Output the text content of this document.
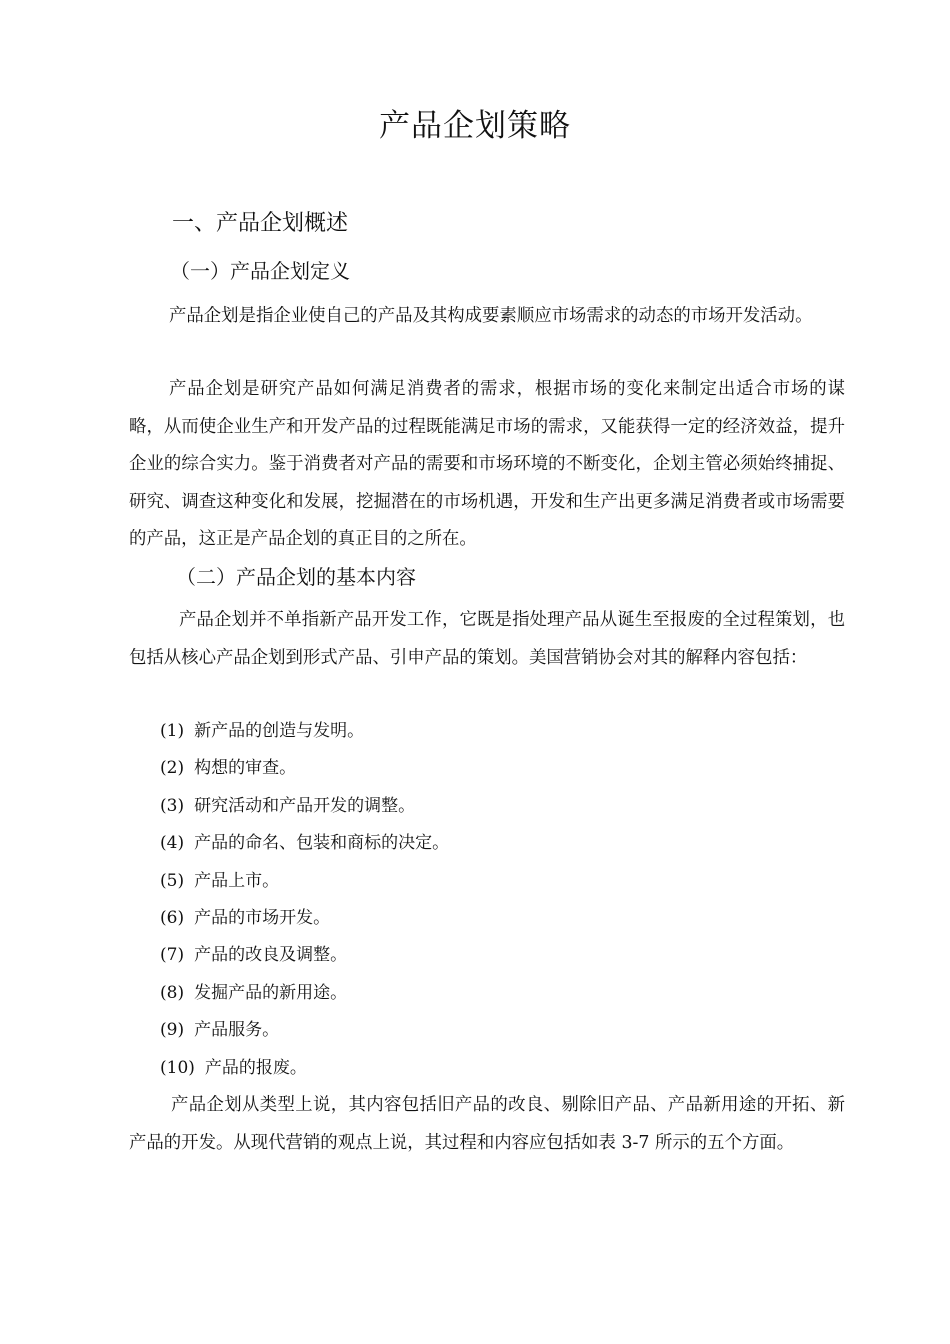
产品企划策略
一、产品企划概述
（一）产品企划定义

产品企划是指企业使自己的产品及其构成要素顺应市场需求的动态的市场开发活动。

产品企划是研究产品如何满足消费者的需求，根据市场的变化来制定出适合市场的谋略，从而使企业生产和开发产品的过程既能满足市场的需求，又能获得一定的经济效益，提升企业的综合实力。鉴于消费者对产品的需要和市场环境的不断变化，企划主管必须始终捕捉、研究、调查这种变化和发展，挖掘潜在的市场机遇，开发和生产出更多满足消费者或市场需要的产品，这正是产品企划的真正目的之所在。

（二）产品企划的基本内容

产品企划并不单指新产品开发工作，它既是指处理产品从诞生至报废的全过程策划，也包括从核心产品企划到形式产品、引申产品的策划。美国营销协会对其的解释内容包括：

(1) 新产品的创造与发明。
(2) 构想的审查。
(3) 研究活动和产品开发的调整。
(4) 产品的命名、包装和商标的决定。
(5) 产品上市。
(6) 产品的市场开发。
(7) 产品的改良及调整。
(8) 发掘产品的新用途。
(9) 产品服务。
(10) 产品的报废。

产品企划从类型上说，其内容包括旧产品的改良、剔除旧产品、产品新用途的开拓、新产品的开发。从现代营销的观点上说，其过程和内容应包括如表 3-7 所示的五个方面。
